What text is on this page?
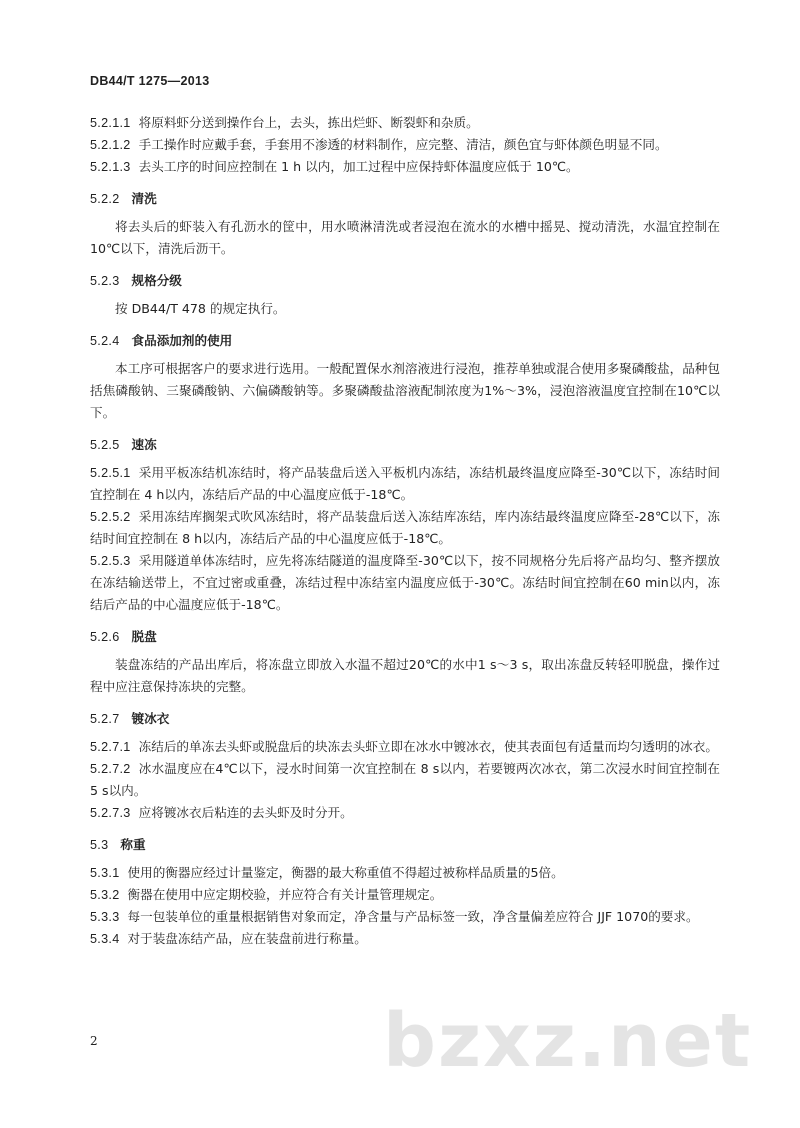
DB44/T 1275—2013

5.2.1.1 将原料虾分送到操作台上，去头，拣出烂虾、断裂虾和杂质。

5.2.1.2 手工操作时应戴手套，手套用不渗透的材料制作，应完整、清洁，颜色宜与虾体颜色明显不同。

5.2.1.3 去头工序的时间应控制在 1 h 以内，加工过程中应保持虾体温度应低于 10℃。

5.2.2 清洗

将去头后的虾装入有孔沥水的筐中，用水喷淋清洗或者浸泡在流水的水槽中摇晃、搅动清洗，水温宜控制在10℃以下，清洗后沥干。

5.2.3 规格分级

按 DB44/T 478 的规定执行。

5.2.4 食品添加剂的使用

本工序可根据客户的要求进行选用。一般配置保水剂溶液进行浸泡，推荐单独或混合使用多聚磷酸盐，品种包括焦磷酸钠、三聚磷酸钠、六偏磷酸钠等。多聚磷酸盐溶液配制浓度为1%～3%，浸泡溶液温度宜控制在10℃以下。

5.2.5 速冻

5.2.5.1 采用平板冻结机冻结时，将产品装盘后送入平板机内冻结，冻结机最终温度应降至-30℃以下，冻结时间宜控制在 4 h以内，冻结后产品的中心温度应低于-18℃。

5.2.5.2 采用冻结库搁架式吹风冻结时，将产品装盘后送入冻结库冻结，库内冻结最终温度应降至-28℃以下，冻结时间宜控制在 8 h以内，冻结后产品的中心温度应低于-18℃。

5.2.5.3 采用隧道单体冻结时，应先将冻结隧道的温度降至-30℃以下，按不同规格分先后将产品均匀、整齐摆放在冻结输送带上，不宜过密或重叠，冻结过程中冻结室内温度应低于-30℃。冻结时间宜控制在60 min以内，冻结后产品的中心温度应低于-18℃。

5.2.6 脱盘

装盘冻结的产品出库后，将冻盘立即放入水温不超过20℃的水中1 s～3 s，取出冻盘反转轻叩脱盘，操作过程中应注意保持冻块的完整。

5.2.7 镀冰衣

5.2.7.1 冻结后的单冻去头虾或脱盘后的块冻去头虾立即在冰水中镀冰衣，使其表面包有适量而均匀透明的冰衣。

5.2.7.2 冰水温度应在4℃以下，浸水时间第一次宜控制在 8 s以内，若要镀两次冰衣，第二次浸水时间宜控制在 5 s以内。

5.2.7.3 应将镀冰衣后粘连的去头虾及时分开。

5.3 称重

5.3.1 使用的衡器应经过计量鉴定，衡器的最大称重值不得超过被称样品质量的5倍。

5.3.2 衡器在使用中应定期校验，并应符合有关计量管理规定。

5.3.3 每一包装单位的重量根据销售对象而定，净含量与产品标签一致，净含量偏差应符合 JJF 1070的要求。

5.3.4 对于装盘冻结产品，应在装盘前进行称量。

2	bzxz.net
